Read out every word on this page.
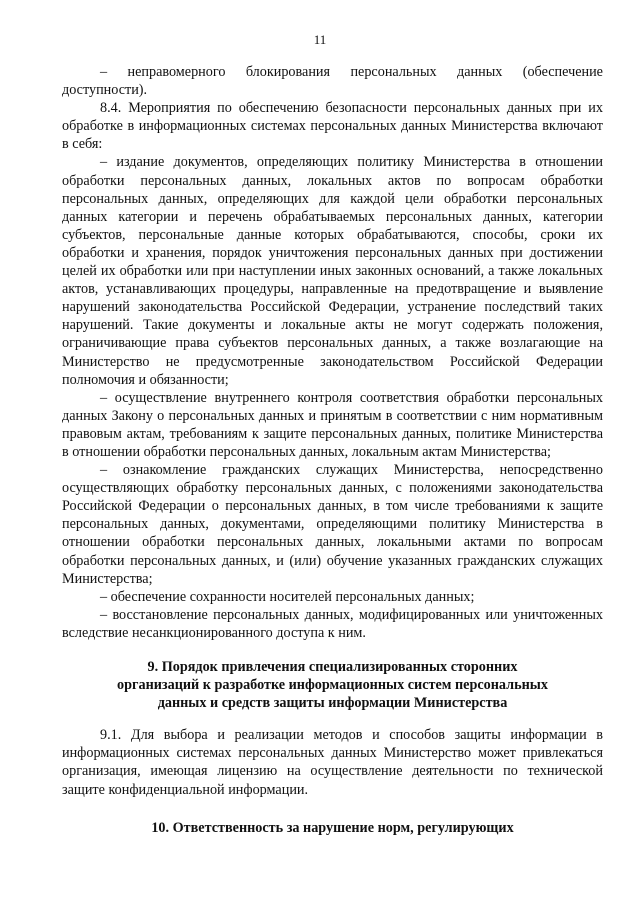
11

– неправомерного блокирования персональных данных (обеспечение доступности).

8.4. Мероприятия по обеспечению безопасности персональных данных при их обработке в информационных системах персональных данных Министерства включают в себя:

– издание документов, определяющих политику Министерства в отношении обработки персональных данных, локальных актов по вопросам обработки персональных данных, определяющих для каждой цели обработки персональных данных категории и перечень обрабатываемых персональных данных, категории субъектов, персональные данные которых обрабатываются, способы, сроки их обработки и хранения, порядок уничтожения персональных данных при достижении целей их обработки или при наступлении иных законных оснований, а также локальных актов, устанавливающих процедуры, направленные на предотвращение и выявление нарушений законодательства Российской Федерации, устранение последствий таких нарушений. Такие документы и локальные акты не могут содержать положения, ограничивающие права субъектов персональных данных, а также возлагающие на Министерство не предусмотренные законодательством Российской Федерации полномочия и обязанности;

– осуществление внутреннего контроля соответствия обработки персональных данных Закону о персональных данных и принятым в соответствии с ним нормативным правовым актам, требованиям к защите персональных данных, политике Министерства в отношении обработки персональных данных, локальным актам Министерства;

– ознакомление гражданских служащих Министерства, непосредственно осуществляющих обработку персональных данных, с положениями законодательства Российской Федерации о персональных данных, в том числе требованиями к защите персональных данных, документами, определяющими политику Министерства в отношении обработки персональных данных, локальными актами по вопросам обработки персональных данных, и (или) обучение указанных гражданских служащих Министерства;

– обеспечение сохранности носителей персональных данных;

– восстановление персональных данных, модифицированных или уничтоженных вследствие несанкционированного доступа к ним.

9. Порядок привлечения специализированных сторонних
организаций к разработке информационных систем персональных
данных и средств защиты информации Министерства

9.1. Для выбора и реализации методов и способов защиты информации в информационных системах персональных данных Министерство может привлекаться организация, имеющая лицензию на осуществление деятельности по технической защите конфиденциальной информации.

10. Ответственность за нарушение норм, регулирующих
